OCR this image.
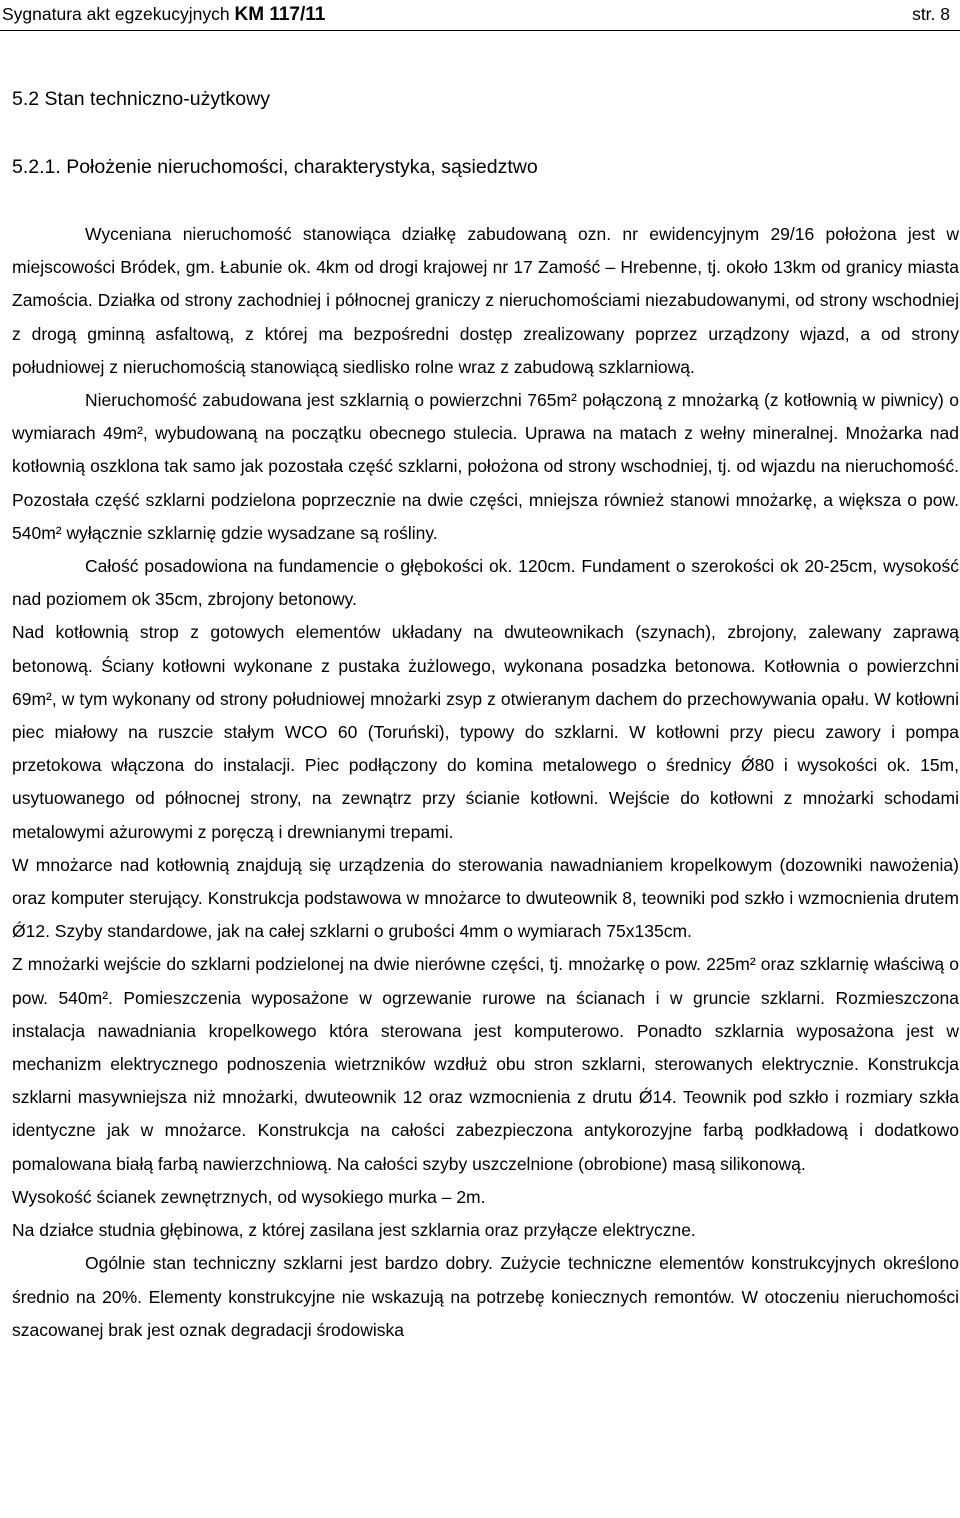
Sygnatura akt egzekucyjnych KM 117/11	str. 8
5.2 Stan techniczno-użytkowy
5.2.1. Położenie nieruchomości, charakterystyka, sąsiedztwo

Wyceniana nieruchomość stanowiąca działkę zabudowaną ozn. nr ewidencyjnym 29/16 położona jest w miejscowości Bródek, gm. Łabunie ok. 4km od drogi krajowej nr 17 Zamość – Hrebenne, tj. około 13km od granicy miasta Zamościa. Działka od strony zachodniej i północnej graniczy z nieruchomościami niezabudowanymi, od strony wschodniej z drogą gminną asfaltową, z której ma bezpośredni dostęp zrealizowany poprzez urządzony wjazd, a od strony południowej z nieruchomością stanowiącą siedlisko rolne wraz z zabudową szklarniową.

Nieruchomość zabudowana jest szklarnią o powierzchni 765m² połączoną z mnożarką (z kotłownią w piwnicy) o wymiarach 49m², wybudowaną na początku obecnego stulecia. Uprawa na matach z wełny mineralnej. Mnożarka nad kotłownią oszklona tak samo jak pozostała część szklarni, położona od strony wschodniej, tj. od wjazdu na nieruchomość. Pozostała część szklarni podzielona poprzecznie na dwie części, mniejsza również stanowi mnożarkę, a większa o pow. 540m² wyłącznie szklarnię gdzie wysadzane są rośliny.

Całość posadowiona na fundamencie o głębokości ok. 120cm. Fundament o szerokości ok 20-25cm, wysokość nad poziomem ok 35cm, zbrojony betonowy.

Nad kotłownią strop z gotowych elementów układany na dwuteownikach (szynach), zbrojony, zalewany zaprawą betonową. Ściany kotłowni wykonane z pustaka żużlowego, wykonana posadzka betonowa. Kotłownia o powierzchni 69m², w tym wykonany od strony południowej mnożarki zsyp z otwieranym dachem do przechowywania opału. W kotłowni piec miałowy na ruszcie stałym WCO 60 (Toruński), typowy do szklarni. W kotłowni przy piecu zawory i pompa przetokowa włączona do instalacji. Piec podłączony do komina metalowego o średnicy Ǿ80 i wysokości ok. 15m, usytuowanego od północnej strony, na zewnątrz przy ścianie kotłowni. Wejście do kotłowni z mnożarki schodami metalowymi ażurowymi z poręczą i drewnianymi trepami.

W mnożarce nad kotłownią znajdują się urządzenia do sterowania nawadnianiem kropelkowym (dozowniki nawożenia) oraz komputer sterujący. Konstrukcja podstawowa w mnożarce to dwuteownik 8, teowniki pod szkło i wzmocnienia drutem Ǿ12. Szyby standardowe, jak na całej szklarni o grubości 4mm o wymiarach 75x135cm.

Z mnożarki wejście do szklarni podzielonej na dwie nierówne części, tj. mnożarkę o pow. 225m² oraz szklarnię właściwą o pow. 540m². Pomieszczenia wyposażone w ogrzewanie rurowe na ścianach i w gruncie szklarni. Rozmieszczona instalacja nawadniania kropelkowego która sterowana jest komputerowo. Ponadto szklarnia wyposażona jest w mechanizm elektrycznego podnoszenia wietrzników wzdłuż obu stron szklarni, sterowanych elektrycznie. Konstrukcja szklarni masywniejsza niż mnożarki, dwuteownik 12 oraz wzmocnienia z drutu Ǿ14. Teownik pod szkło i rozmiary szkła identyczne jak w mnożarce. Konstrukcja na całości zabezpieczona antykorozyjne farbą podkładową i dodatkowo pomalowana białą farbą nawierzchniową. Na całości szyby uszczelnione (obrobione) masą silikonową.

Wysokość ścianek zewnętrznych, od wysokiego murka – 2m.

Na działce studnia głębinowa, z której zasilana jest szklarnia oraz przyłącze elektryczne.

Ogólnie stan techniczny szklarni jest bardzo dobry. Zużycie techniczne elementów konstrukcyjnych określono średnio na 20%. Elementy konstrukcyjne nie wskazują na potrzebę koniecznych remontów. W otoczeniu nieruchomości szacowanej brak jest oznak degradacji środowiska
